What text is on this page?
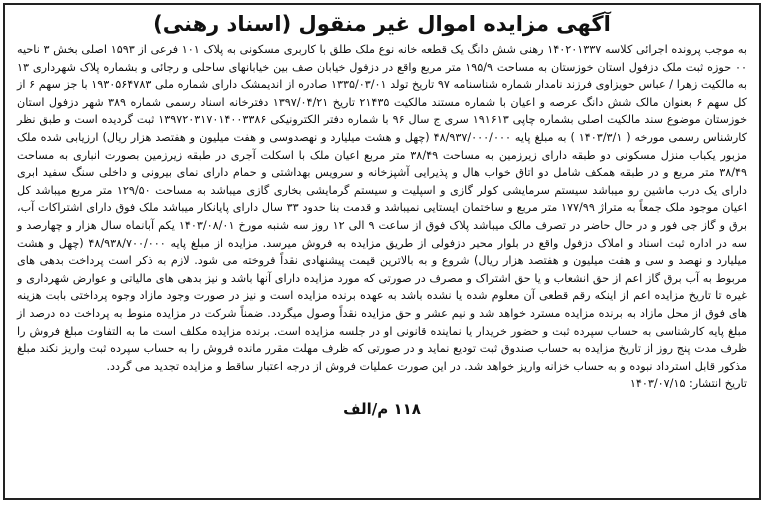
آگهی مزایده اموال غیر منقول (اسناد رهنی)

به موجب پرونده اجرائی کلاسه ۱۴۰۲۰۱۳۳۷ رهنی شش دانگ یک قطعه خانه نوع ملک طلق با کاربری مسکونی به پلاک ۱۰۱ فرعی از ۱۵۹۳ اصلی بخش ۳ ناحیه ۰۰ حوزه ثبت ملک دزفول استان خوزستان به مساحت ۱۹۵/۹ متر مربع واقع در دزفول خیابان صف بین خیابانهای ساحلی و رجائی و بشماره پلاک شهرداری ۱۳ به مالکیت زهرا / عباس حویزاوی فرزند نامدار شماره شناسنامه ۹۷ تاریخ تولد ۱۳۳۵/۰۳/۰۱ صادره از اندیمشک دارای شماره ملی ۱۹۳۰۵۶۴۷۸۳ با جز سهم ۶ از کل سهم ۶ بعنوان مالک شش دانگ عرصه و اعیان با شماره مستند مالکیت ۲۱۴۳۵ تاریخ ۱۳۹۷/۰۴/۲۱ دفترخانه اسناد رسمی شماره ۳۸۹ شهر دزفول استان خوزستان موضوع سند مالکیت اصلی بشماره چاپی ۱۹۱۶۱۳ سری ج سال ۹۶ با شماره دفتر الکترونیکی ۱۳۹۷۲۰۳۱۷۰۱۴۰۰۳۳۸۶ ثبت گردیده است و طبق نظر کارشناس رسمی مورخه ( ۱۴۰۳/۳/۱ ) به مبلغ پایه ۴۸/۹۳۷/۰۰۰/۰۰۰ (چهل و هشت میلیارد و نهصدوسی و هفت میلیون و هفتصد هزار ریال) ارزیابی شده ملک مزبور یکباب منزل مسکونی دو طبقه دارای زیرزمین به مساحت ۳۸/۴۹ متر مربع اعیان ملک با اسکلت آجری در طبقه زیرزمین بصورت انباری به مساحت ۳۸/۴۹ متر مربع و در طبقه همکف شامل دو اتاق خواب هال و پذیرایی آشپزخانه و سرویس بهداشتی و حمام دارای نمای بیرونی و داخلی سنگ سفید ابری دارای یک درب ماشین رو میباشد سیستم سرمایشی کولر گازی و اسپلیت و سیستم گرمایشی بخاری گازی میباشد به مساحت ۱۲۹/۵۰ متر مربع میباشد کل اعیان موجود ملک جمعاً به متراژ ۱۷۷/۹۹ متر مربع و ساختمان ایستایی نمیباشد و قدمت بنا حدود ۳۳ سال دارای پایانکار میباشد ملک فوق دارای اشتراکات آب، برق و گاز جی فور و در حال حاضر در تصرف مالک میباشد پلاک فوق از ساعت ۹ الی ۱۲ روز سه شنبه مورخ ۱۴۰۳/۰۸/۰۱ یکم آبانماه سال هزار و چهارصد و سه در اداره ثبت اسناد و املاک دزفول واقع در بلوار محیر دزفولی از طریق مزایده به فروش میرسد. مزایده از مبلغ پایه ۴۸/۹۳۸/۷۰۰/۰۰۰ (چهل و هشت میلیارد و نهصد و سی و هفت میلیون و هفتصد هزار ریال) شروع و به بالاترین قیمت پیشنهادی نقداً فروخته می شود. لازم به ذکر است پرداخت بدهی های مربوط به آب برق گاز اعم از حق انشعاب و یا حق اشتراک و مصرف در صورتی که مورد مزایده دارای آنها باشد و نیز بدهی های مالیاتی و عوارض شهرداری و غیره تا تاریخ مزایده اعم از اینکه رقم قطعی آن معلوم شده یا نشده باشد به عهده برنده مزایده است و نیز در صورت وجود مازاد وجوه پرداختی بابت هزینه های فوق از محل مازاد به برنده مزایده مسترد خواهد شد و نیم عشر و حق مزایده نقداً وصول میگردد. ضمناً شرکت در مزایده منوط به پرداخت ده درصد از مبلغ پایه کارشناسی به حساب سپرده ثبت و حضور خریدار یا نماینده قانونی او در جلسه مزایده است. برنده مزایده مکلف است ما به التفاوت مبلغ فروش را ظرف مدت پنج روز از تاریخ مزایده به حساب صندوق ثبت تودیع نماید و در صورتی که ظرف مهلت مقرر مانده فروش را به حساب سپرده ثبت واریز نکند مبلغ مذکور قابل استرداد نبوده و به حساب خزانه واریز خواهد شد. در این صورت عملیات فروش از درجه اعتبار ساقط و مزایده تجدید می گردد.

تاریخ انتشار: ۱۴۰۳/۰۷/۱۵

۱۱۸ م/الف
